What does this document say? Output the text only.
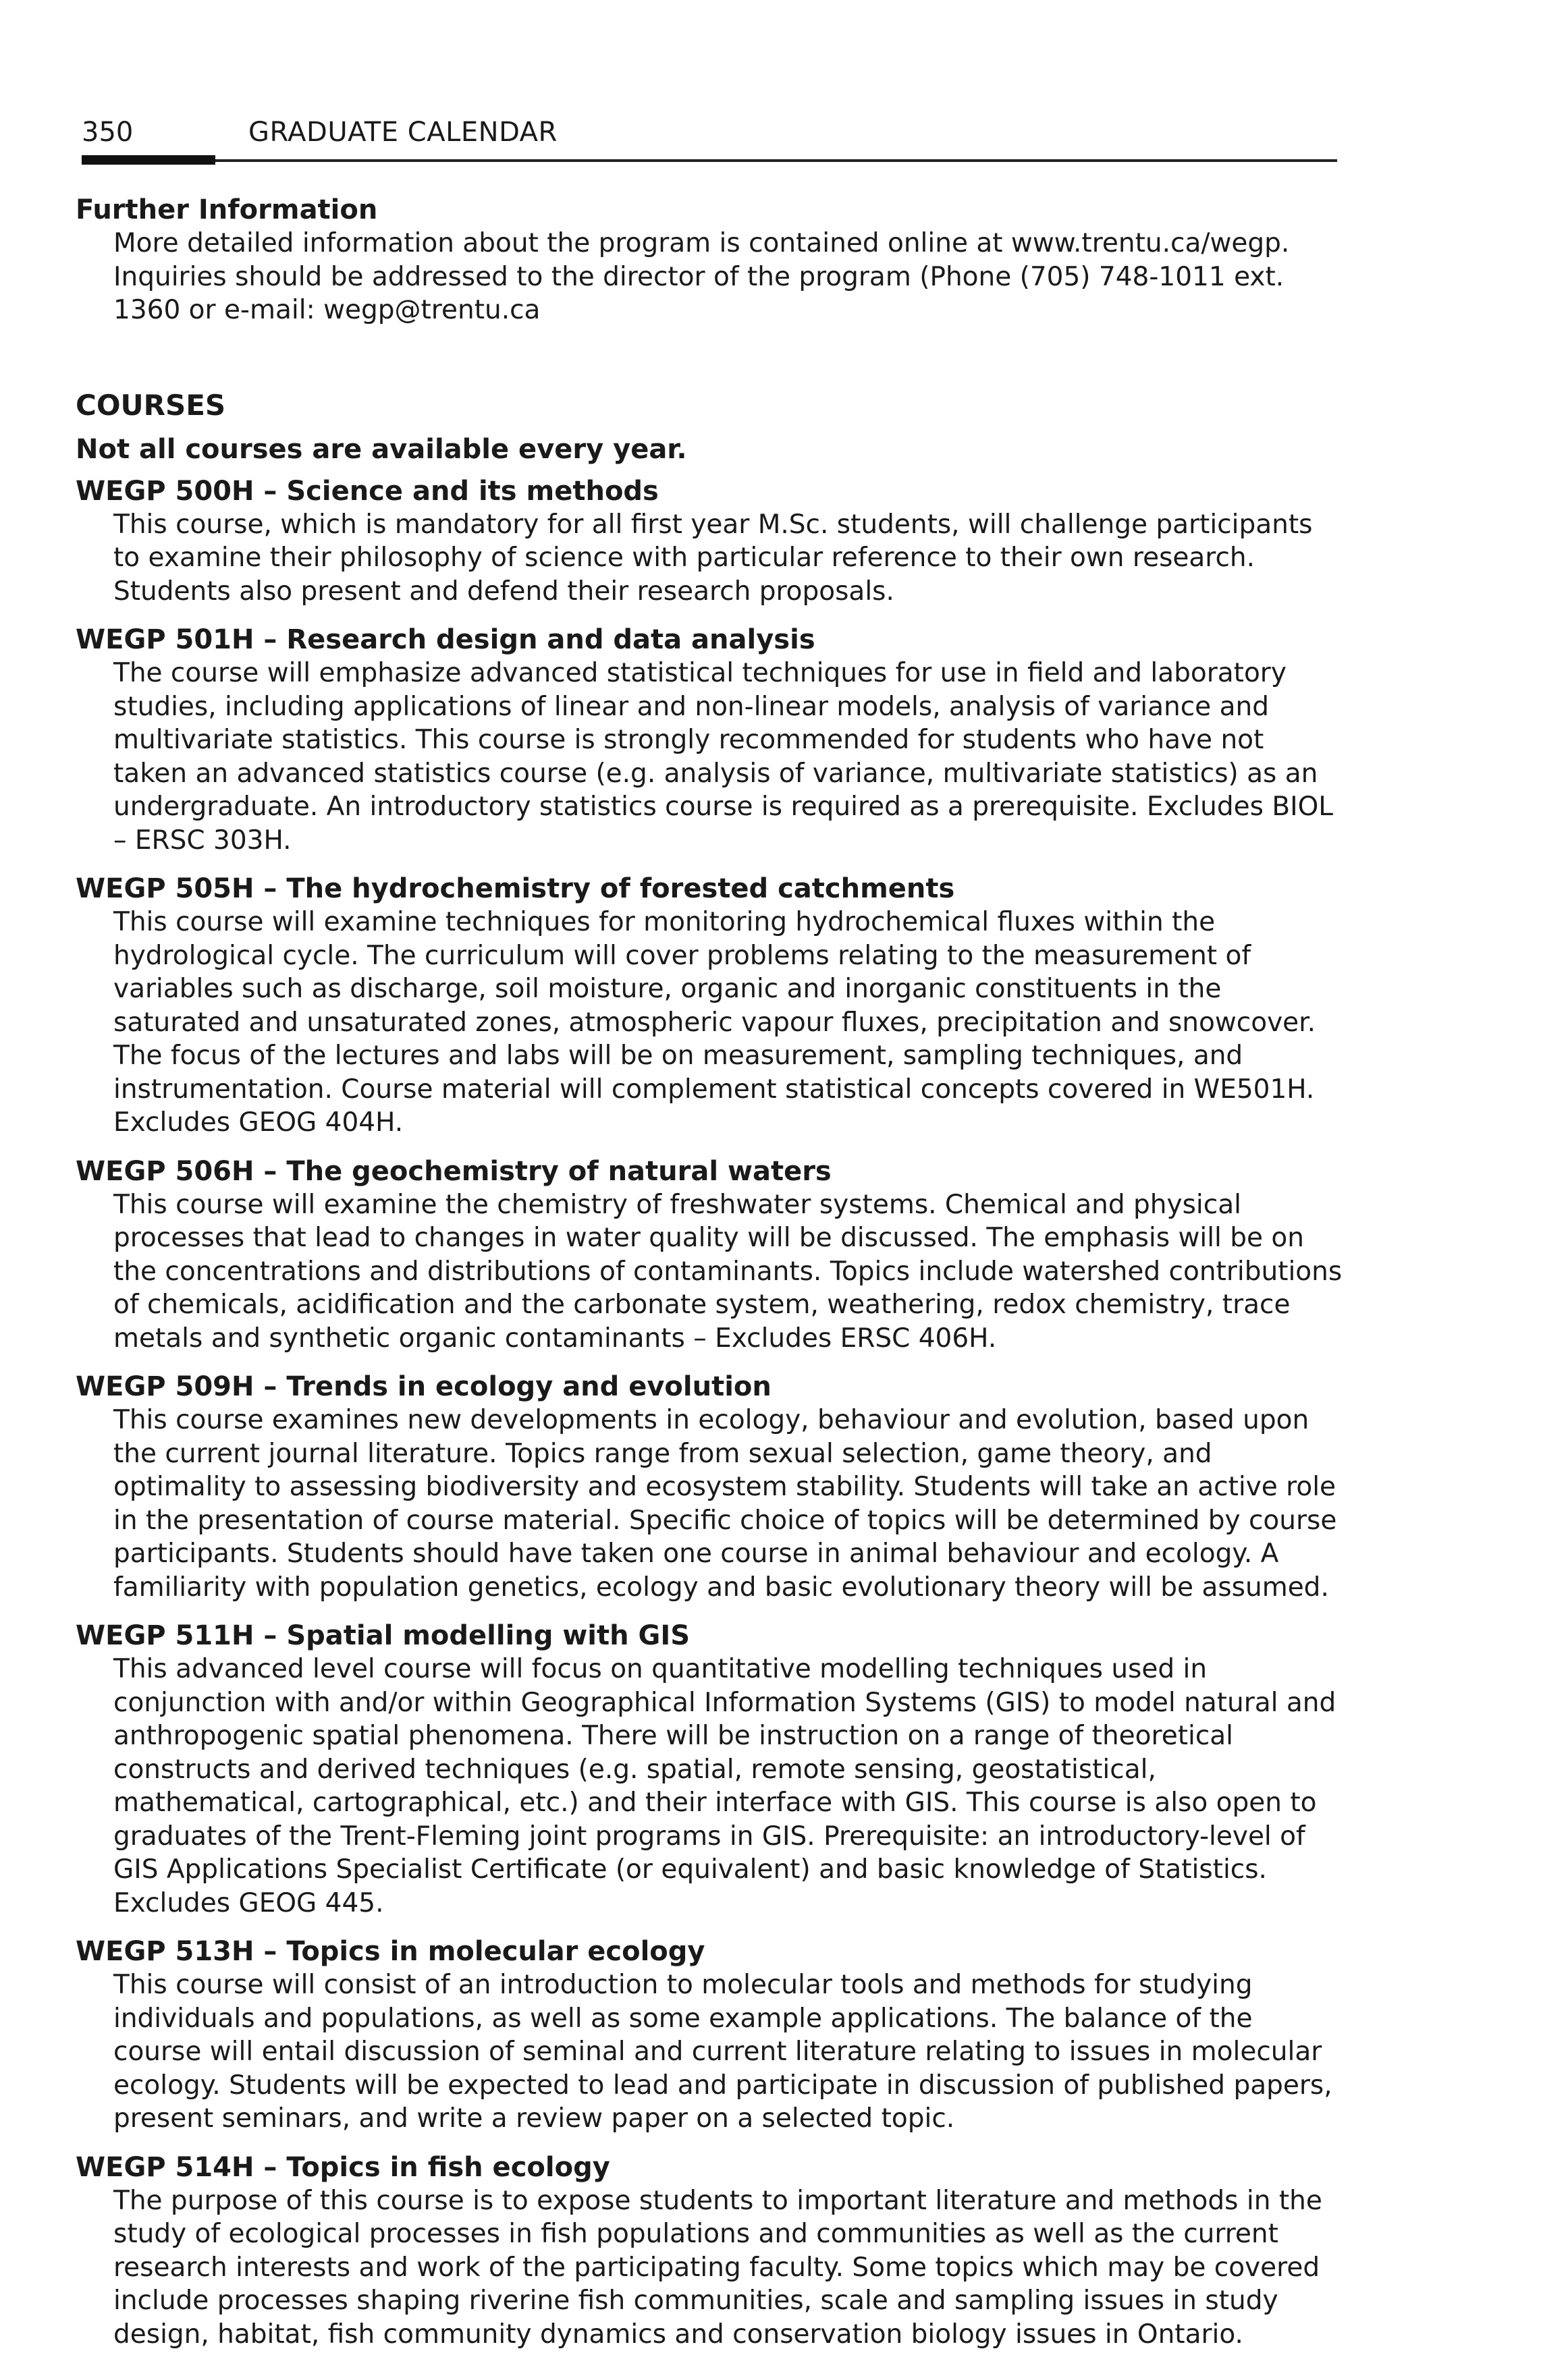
350	GRADUATE CALENDAR

Further Information

More detailed information about the program is contained online at www.trentu.ca/wegp. Inquiries should be addressed to the director of the program (Phone (705) 748-1011 ext. 1360 or e-mail: wegp@trentu.ca

COURSES

Not all courses are available every year.

WEGP 500H – Science and its methods

This course, which is mandatory for all first year M.Sc. students, will challenge participants to examine their philosophy of science with particular reference to their own research. Students also present and defend their research proposals.

WEGP 501H – Research design and data analysis

The course will emphasize advanced statistical techniques for use in field and laboratory studies, including applications of linear and non-linear models, analysis of variance and multivariate statistics. This course is strongly recommended for students who have not taken an advanced statistics course (e.g. analysis of variance, multivariate statistics) as an undergraduate. An introductory statistics course is required as a prerequisite. Excludes BIOL – ERSC 303H.

WEGP 505H – The hydrochemistry of forested catchments

This course will examine techniques for monitoring hydrochemical fluxes within the hydrological cycle. The curriculum will cover problems relating to the measurement of variables such as discharge, soil moisture, organic and inorganic constituents in the saturated and unsaturated zones, atmospheric vapour fluxes, precipitation and snowcover. The focus of the lectures and labs will be on measurement, sampling techniques, and instrumentation. Course material will complement statistical concepts covered in WE501H. Excludes GEOG 404H.

WEGP 506H – The geochemistry of natural waters

This course will examine the chemistry of freshwater systems. Chemical and physical processes that lead to changes in water quality will be discussed. The emphasis will be on the concentrations and distributions of contaminants. Topics include watershed contributions of chemicals, acidification and the carbonate system, weathering, redox chemistry, trace metals and synthetic organic contaminants – Excludes ERSC 406H.

WEGP 509H – Trends in ecology and evolution

This course examines new developments in ecology, behaviour and evolution, based upon the current journal literature. Topics range from sexual selection, game theory, and optimality to assessing biodiversity and ecosystem stability. Students will take an active role in the presentation of course material. Specific choice of topics will be determined by course participants. Students should have taken one course in animal behaviour and ecology. A familiarity with population genetics, ecology and basic evolutionary theory will be assumed.

WEGP 511H – Spatial modelling with GIS

This advanced level course will focus on quantitative modelling techniques used in conjunction with and/or within Geographical Information Systems (GIS) to model natural and anthropogenic spatial phenomena. There will be instruction on a range of theoretical constructs and derived techniques (e.g. spatial, remote sensing, geostatistical, mathematical, cartographical, etc.) and their interface with GIS. This course is also open to graduates of the Trent-Fleming joint programs in GIS. Prerequisite: an introductory-level of GIS Applications Specialist Certificate (or equivalent) and basic knowledge of Statistics. Excludes GEOG 445.

WEGP 513H – Topics in molecular ecology

This course will consist of an introduction to molecular tools and methods for studying individuals and populations, as well as some example applications. The balance of the course will entail discussion of seminal and current literature relating to issues in molecular ecology. Students will be expected to lead and participate in discussion of published papers, present seminars, and write a review paper on a selected topic.

WEGP 514H – Topics in fish ecology

The purpose of this course is to expose students to important literature and methods in the study of ecological processes in fish populations and communities as well as the current research interests and work of the participating faculty. Some topics which may be covered include processes shaping riverine fish communities, scale and sampling issues in study design, habitat, fish community dynamics and conservation biology issues in Ontario.
